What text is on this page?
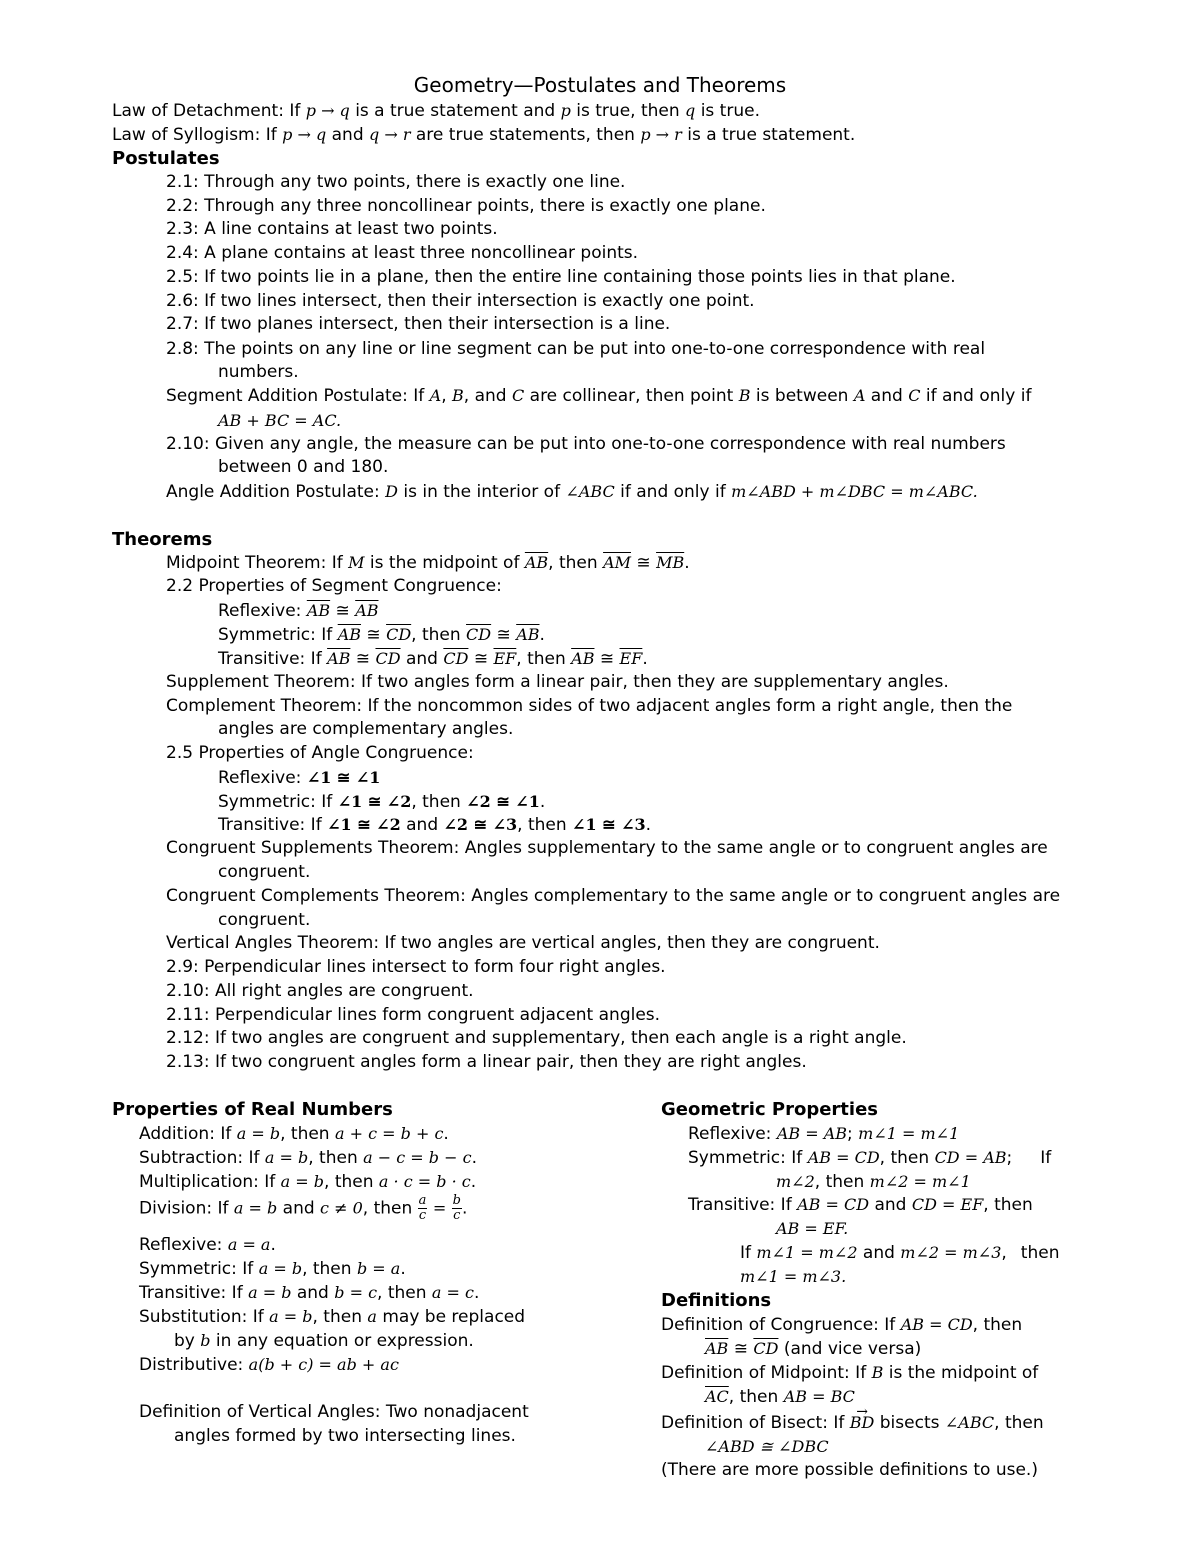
Geometry—Postulates and Theorems
Law of Detachment: If p → q is a true statement and p is true, then q is true.
Law of Syllogism: If p → q and q → r are true statements, then p → r is a true statement.
Postulates
2.1: Through any two points, there is exactly one line.
2.2: Through any three noncollinear points, there is exactly one plane.
2.3: A line contains at least two points.
2.4: A plane contains at least three noncollinear points.
2.5: If two points lie in a plane, then the entire line containing those points lies in that plane.
2.6: If two lines intersect, then their intersection is exactly one point.
2.7: If two planes intersect, then their intersection is a line.
2.8: The points on any line or line segment can be put into one-to-one correspondence with real
numbers.
Segment Addition Postulate: If A, B, and C are collinear, then point B is between A and C if and only if
AB + BC = AC.
2.10: Given any angle, the measure can be put into one-to-one correspondence with real numbers
between 0 and 180.
Angle Addition Postulate: D is in the interior of ∠ABC if and only if m∠ABD + m∠DBC = m∠ABC.
Theorems
Midpoint Theorem: If M is the midpoint of $\overline{AB}$, then $\overline{AM}$ ≅ $\overline{MB}$.
2.2 Properties of Segment Congruence:
Reflexive: $\overline{AB}$ ≅ $\overline{AB}$
Symmetric: If $\overline{AB}$ ≅ $\overline{CD}$, then $\overline{CD}$ ≅ $\overline{AB}$.
Transitive: If $\overline{AB}$ ≅ $\overline{CD}$ and $\overline{CD}$ ≅ $\overline{EF}$, then $\overline{AB}$ ≅ $\overline{EF}$.
Supplement Theorem: If two angles form a linear pair, then they are supplementary angles.
Complement Theorem: If the noncommon sides of two adjacent angles form a right angle, then the
angles are complementary angles.
2.5 Properties of Angle Congruence:
Reflexive: ∠1 ≅ ∠1
Symmetric: If ∠1 ≅ ∠2, then ∠2 ≅ ∠1.
Transitive: If ∠1 ≅ ∠2 and ∠2 ≅ ∠3, then ∠1 ≅ ∠3.
Congruent Supplements Theorem: Angles supplementary to the same angle or to congruent angles are
congruent.
Congruent Complements Theorem: Angles complementary to the same angle or to congruent angles are
congruent.
Vertical Angles Theorem: If two angles are vertical angles, then they are congruent.
2.9: Perpendicular lines intersect to form four right angles.
2.10: All right angles are congruent.
2.11: Perpendicular lines form congruent adjacent angles.
2.12: If two angles are congruent and supplementary, then each angle is a right angle.
2.13: If two congruent angles form a linear pair, then they are right angles.
Properties of Real Numbers
Addition: If a = b, then a + c = b + c.
Subtraction: If a = b, then a − c = b − c.
Multiplication: If a = b, then a · c = b · c.
Division: If a = b and c ≠ 0, then $\frac{a}{c} = \frac{b}{c}$ .
Reflexive: a = a.
Symmetric: If a = b, then b = a.
Transitive: If a = b and b = c, then a = c.
Substitution: If a = b, then a may be replaced
by b in any equation or expression.
Distributive: a(b + c) = ab + ac
Definition of Vertical Angles: Two nonadjacent
angles formed by two intersecting lines.
Geometric Properties
Reflexive: AB = AB; m∠1 = m∠1
Symmetric: If AB = CD, then CD = AB; If
m∠2, then m∠2 = m∠1
Transitive: If AB = CD and CD = EF, then
AB = EF.
If m∠1 = m∠2 and m∠2 = m∠3, then
m∠1 = m∠3.
Definitions
Definition of Congruence: If AB = CD, then
$\overline{AB}$ ≅ $\overline{CD}$ (and vice versa)
Definition of Midpoint: If B is the midpoint of
$\overline{AC}$, then AB = BC
Definition of Bisect: If → BD bisects ∠ABC, then
∠ABD ≅ ∠DBC
(There are more possible definitions to use.)
